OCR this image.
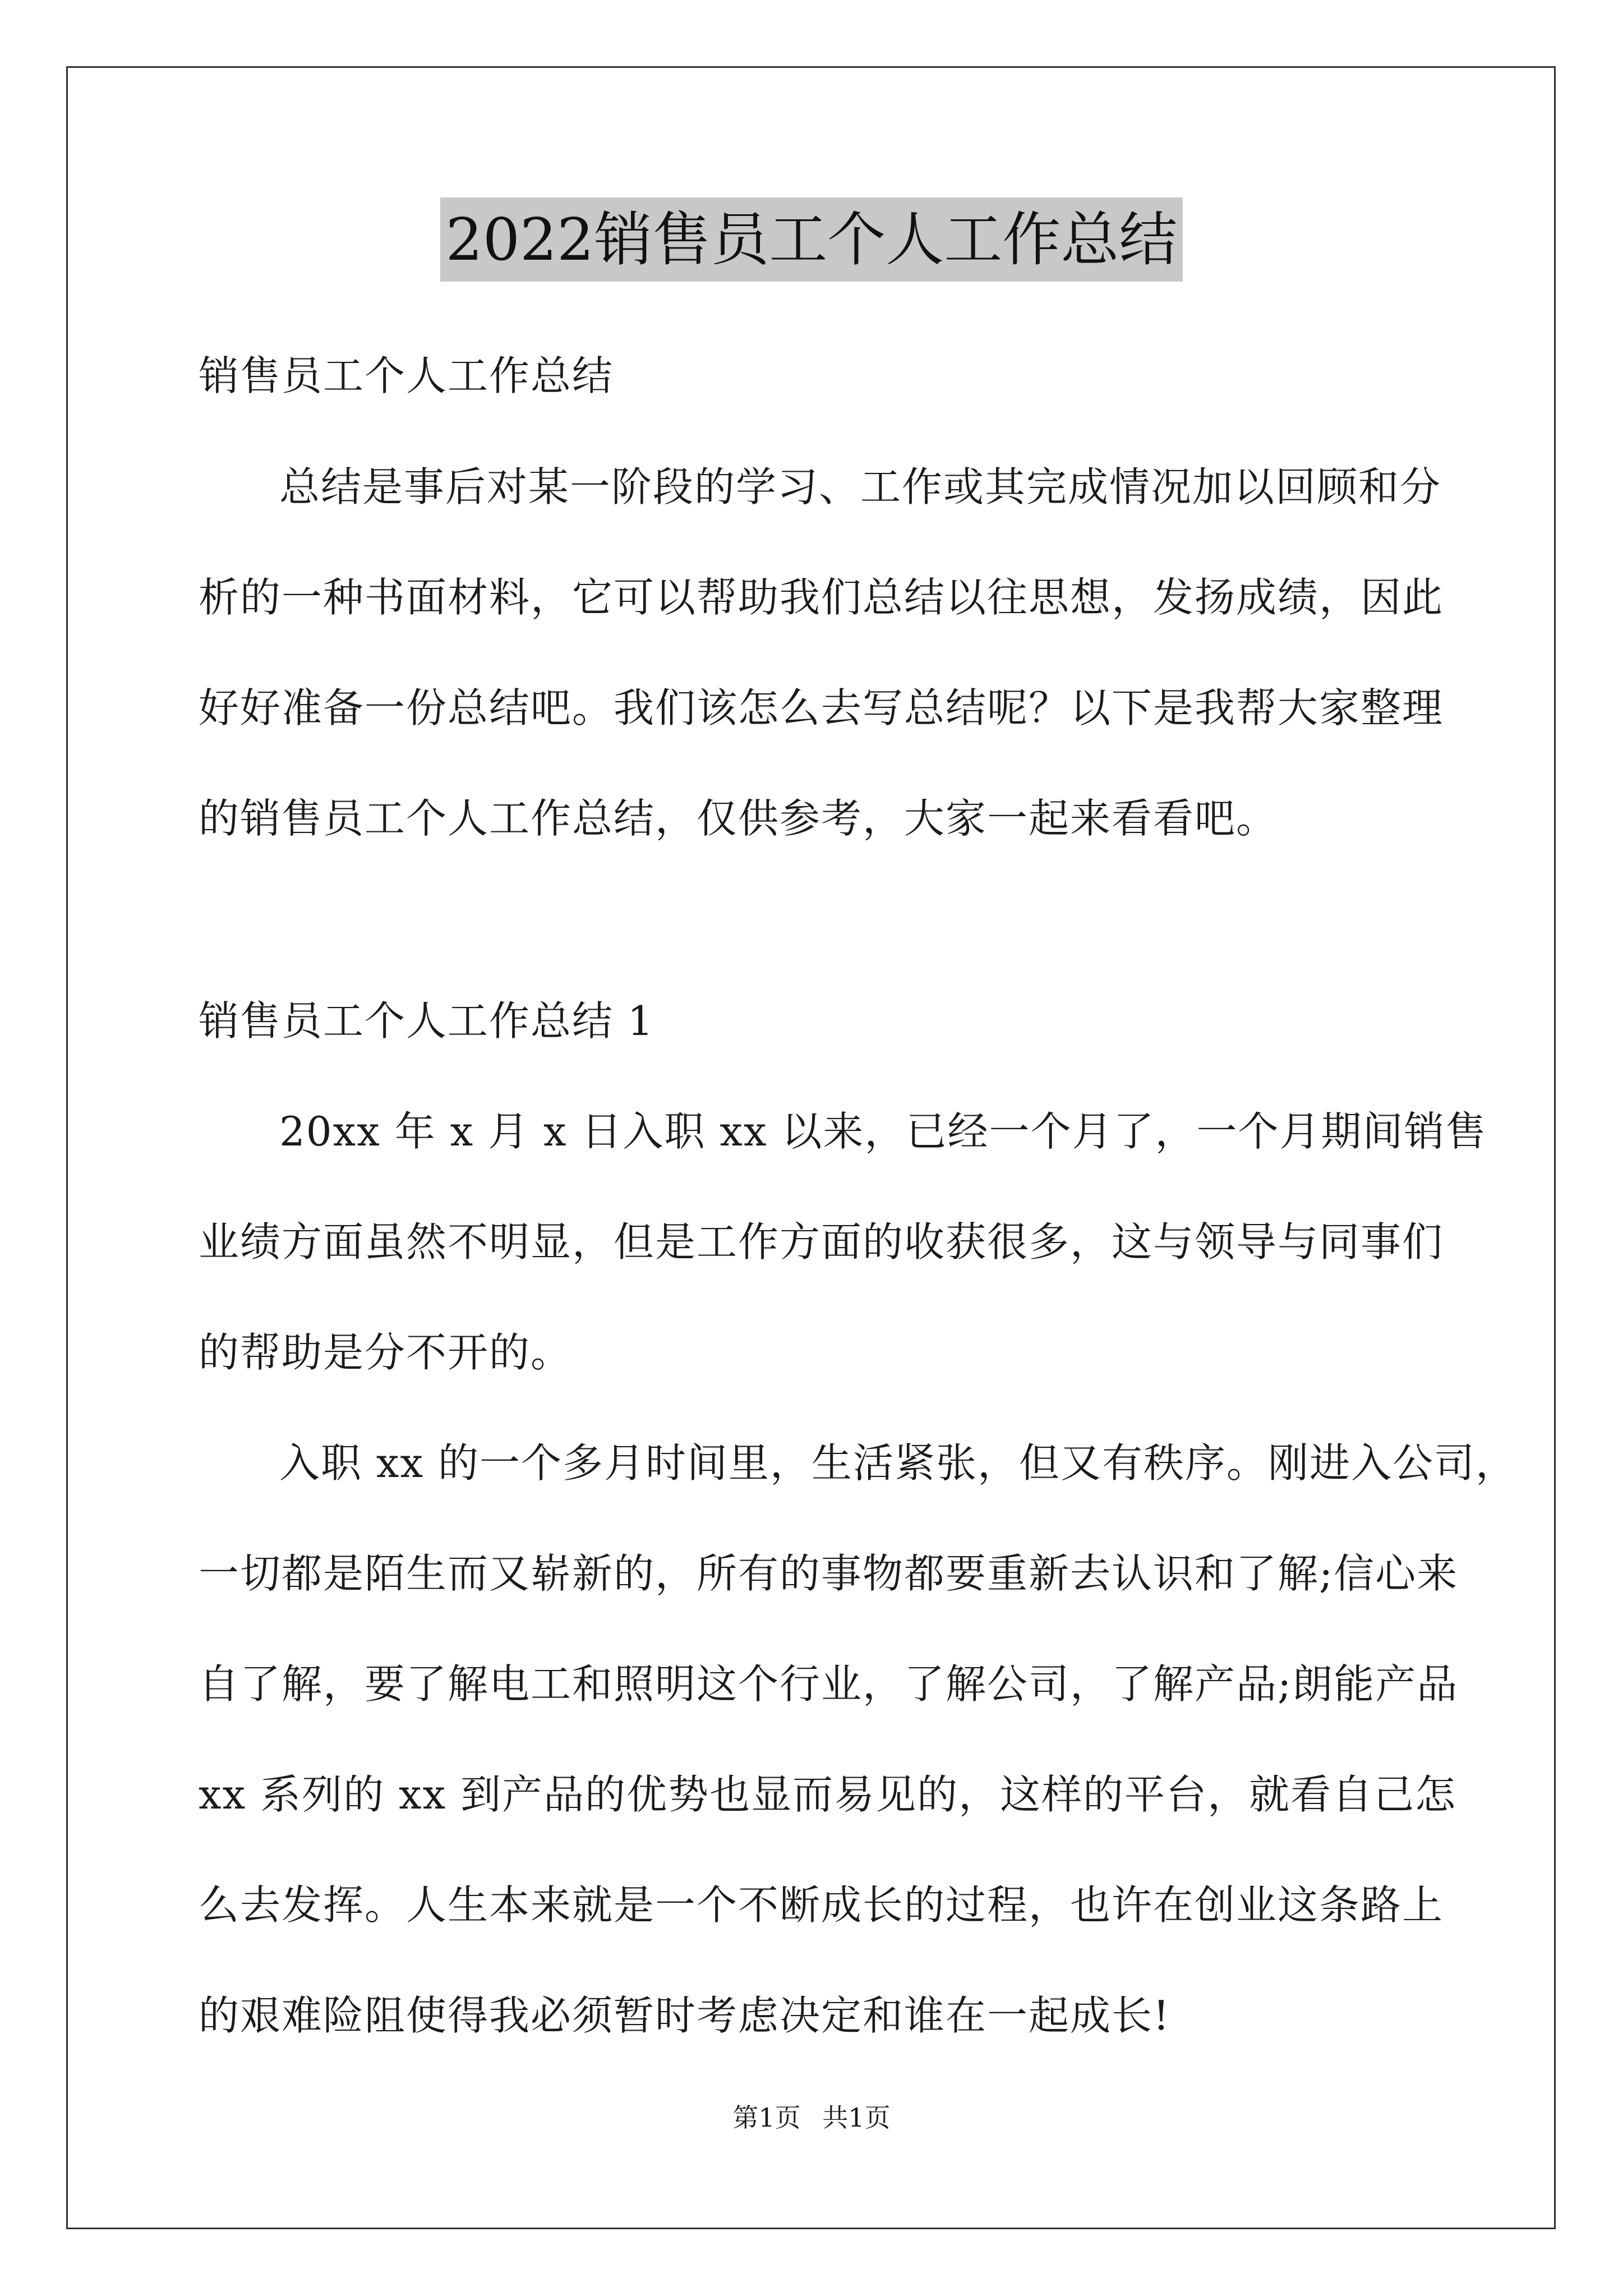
2022销售员工个人工作总结
销售员工个人工作总结
总结是事后对某一阶段的学习、工作或其完成情况加以回顾和分
析的一种书面材料，它可以帮助我们总结以往思想，发扬成绩，因此
好好准备一份总结吧。我们该怎么去写总结呢？以下是我帮大家整理
的销售员工个人工作总结，仅供参考，大家一起来看看吧。
销售员工个人工作总结 1
20xx 年 x 月 x 日入职 xx 以来，已经一个月了，一个月期间销售
业绩方面虽然不明显，但是工作方面的收获很多，这与领导与同事们
的帮助是分不开的。
入职 xx 的一个多月时间里，生活紧张，但又有秩序。刚进入公司，
一切都是陌生而又崭新的，所有的事物都要重新去认识和了解;信心来
自了解，要了解电工和照明这个行业，了解公司，了解产品;朗能产品
xx 系列的 xx 到产品的优势也显而易见的，这样的平台，就看自己怎
么去发挥。人生本来就是一个不断成长的过程，也许在创业这条路上
的艰难险阻使得我必须暂时考虑决定和谁在一起成长!
第1页 共1页
